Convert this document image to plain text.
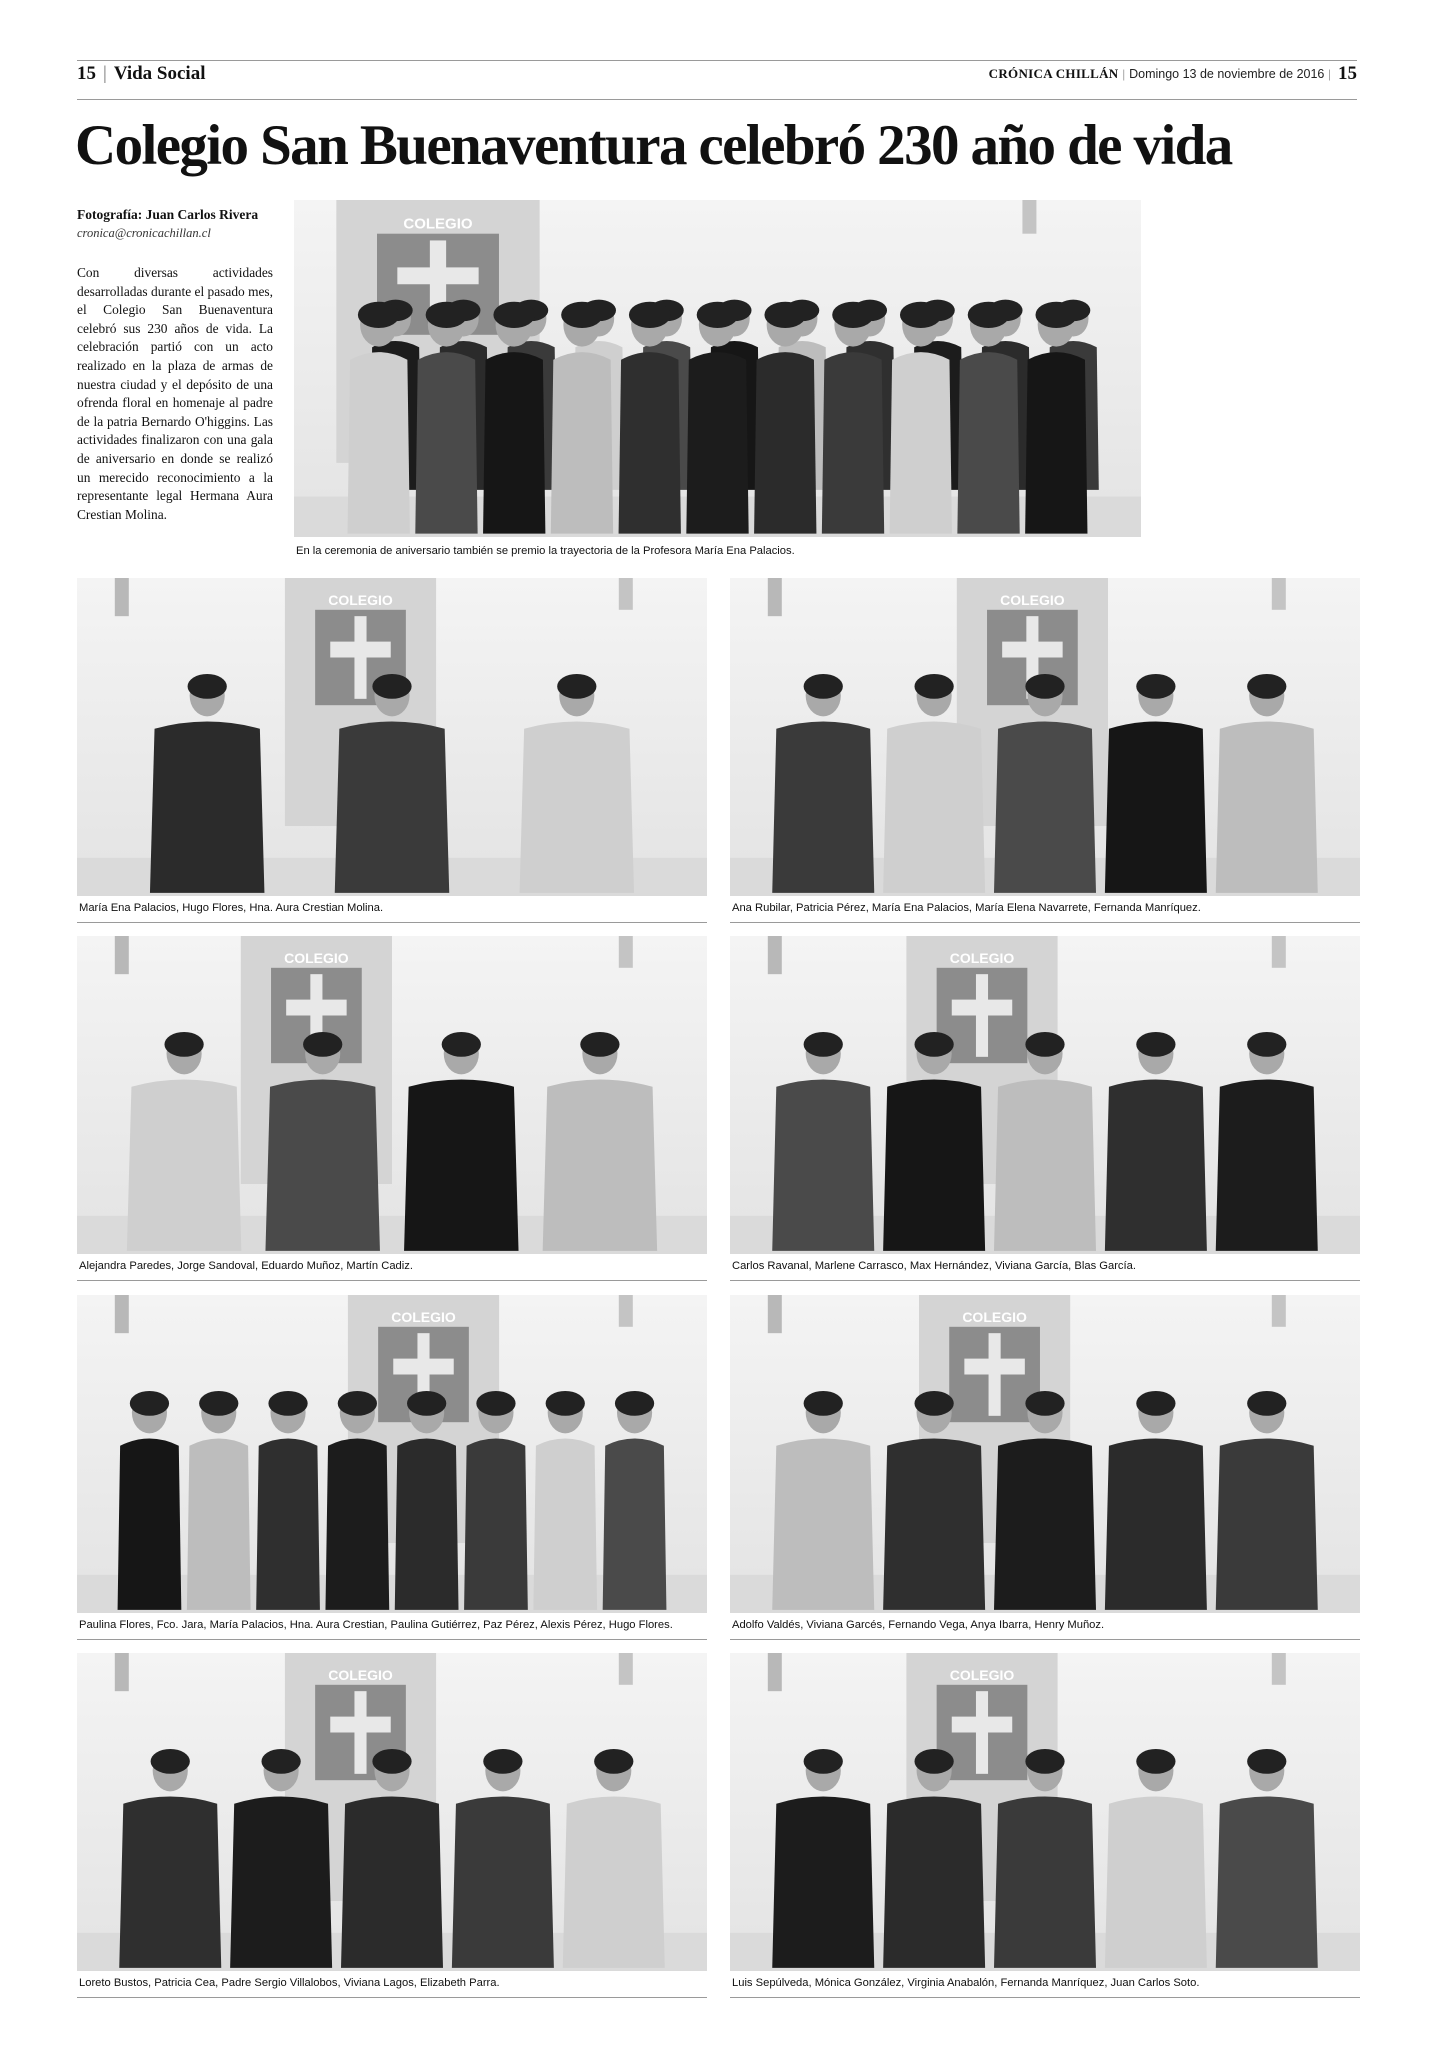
15 | Vida Social	CRÓNICA CHILLÁN | Domingo 13 de noviembre de 2016 | 15
Colegio San Buenaventura celebró 230 año de vida
Fotografía: Juan Carlos Rivera
cronica@cronicachillan.cl

Con diversas actividades desarrolladas durante el pasado mes, el Colegio San Buenaventura celebró sus 230 años de vida. La celebración partió con un acto realizado en la plaza de armas de nuestra ciudad y el depósito de una ofrenda floral en homenaje al padre de la patria Bernardo O'higgins. Las actividades finalizaron con una gala de aniversario en donde se realizó un merecido reconocimiento a la representante legal Hermana Aura Crestian Molina.

COLEGIO
En la ceremonia de aniversario también se premio la trayectoria de la Profesora María Ena Palacios.
COLEGIO
María Ena Palacios, Hugo Flores, Hna. Aura Crestian Molina.
COLEGIO
Ana Rubilar, Patricia Pérez, María Ena Palacios, María Elena Navarrete, Fernanda Manríquez.
COLEGIO
Alejandra Paredes, Jorge Sandoval, Eduardo Muñoz, Martín Cadiz.
COLEGIO
Carlos Ravanal, Marlene Carrasco, Max Hernández, Viviana García, Blas García.
COLEGIO
Paulina Flores, Fco. Jara, María Palacios, Hna. Aura Crestian, Paulina Gutiérrez, Paz Pérez, Alexis Pérez, Hugo Flores.
COLEGIO
Adolfo Valdés, Viviana Garcés, Fernando Vega, Anya Ibarra, Henry Muñoz.
COLEGIO
Loreto Bustos, Patricia Cea, Padre Sergio Villalobos, Viviana Lagos, Elizabeth Parra.
COLEGIO
Luis Sepúlveda, Mónica González, Virginia Anabalón, Fernanda Manríquez, Juan Carlos Soto.
